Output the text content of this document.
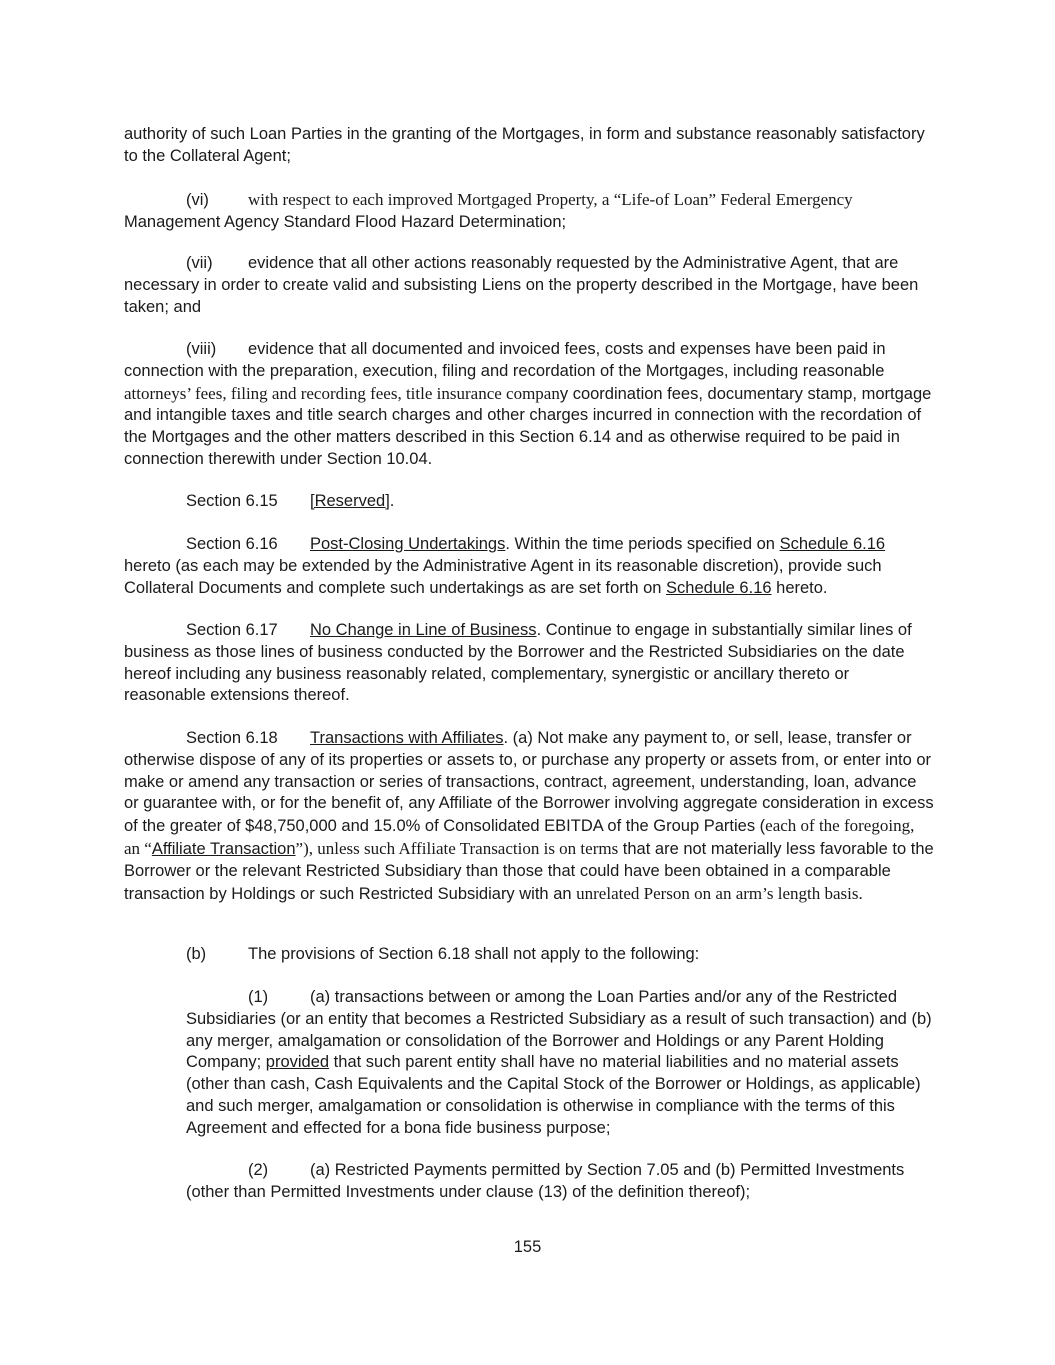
authority of such Loan Parties in the granting of the Mortgages, in form and substance reasonably satisfactory to the Collateral Agent;

(vi) with respect to each improved Mortgaged Property, a “Life-of Loan” Federal Emergency Management Agency Standard Flood Hazard Determination;

(vii) evidence that all other actions reasonably requested by the Administrative Agent, that are necessary in order to create valid and subsisting Liens on the property described in the Mortgage, have been taken; and

(viii) evidence that all documented and invoiced fees, costs and expenses have been paid in connection with the preparation, execution, filing and recordation of the Mortgages, including reasonable attorneys’ fees, filing and recording fees, title insurance company coordination fees, documentary stamp, mortgage and intangible taxes and title search charges and other charges incurred in connection with the recordation of the Mortgages and the other matters described in this Section 6.14 and as otherwise required to be paid in connection therewith under Section 10.04.

Section 6.15 [Reserved].

Section 6.16 Post-Closing Undertakings. Within the time periods specified on Schedule 6.16 hereto (as each may be extended by the Administrative Agent in its reasonable discretion), provide such Collateral Documents and complete such undertakings as are set forth on Schedule 6.16 hereto.

Section 6.17 No Change in Line of Business. Continue to engage in substantially similar lines of business as those lines of business conducted by the Borrower and the Restricted Subsidiaries on the date hereof including any business reasonably related, complementary, synergistic or ancillary thereto or reasonable extensions thereof.

Section 6.18 Transactions with Affiliates. (a) Not make any payment to, or sell, lease, transfer or otherwise dispose of any of its properties or assets to, or purchase any property or assets from, or enter into or make or amend any transaction or series of transactions, contract, agreement, understanding, loan, advance or guarantee with, or for the benefit of, any Affiliate of the Borrower involving aggregate consideration in excess of the greater of $48,750,000 and 15.0% of Consolidated EBITDA of the Group Parties (each of the foregoing, an “Affiliate Transaction”), unless such Affiliate Transaction is on terms that are not materially less favorable to the Borrower or the relevant Restricted Subsidiary than those that could have been obtained in a comparable transaction by Holdings or such Restricted Subsidiary with an unrelated Person on an arm’s length basis.

(b)	The provisions of Section 6.18 shall not apply to the following:

(1)	(a) transactions between or among the Loan Parties and/or any of the Restricted Subsidiaries (or an entity that becomes a Restricted Subsidiary as a result of such transaction) and (b) any merger, amalgamation or consolidation of the Borrower and Holdings or any Parent Holding Company; provided that such parent entity shall have no material liabilities and no material assets (other than cash, Cash Equivalents and the Capital Stock of the Borrower or Holdings, as applicable) and such merger, amalgamation or consolidation is otherwise in compliance with the terms of this Agreement and effected for a bona fide business purpose;

(2)	(a) Restricted Payments permitted by Section 7.05 and (b) Permitted Investments (other than Permitted Investments under clause (13) of the definition thereof);

155
